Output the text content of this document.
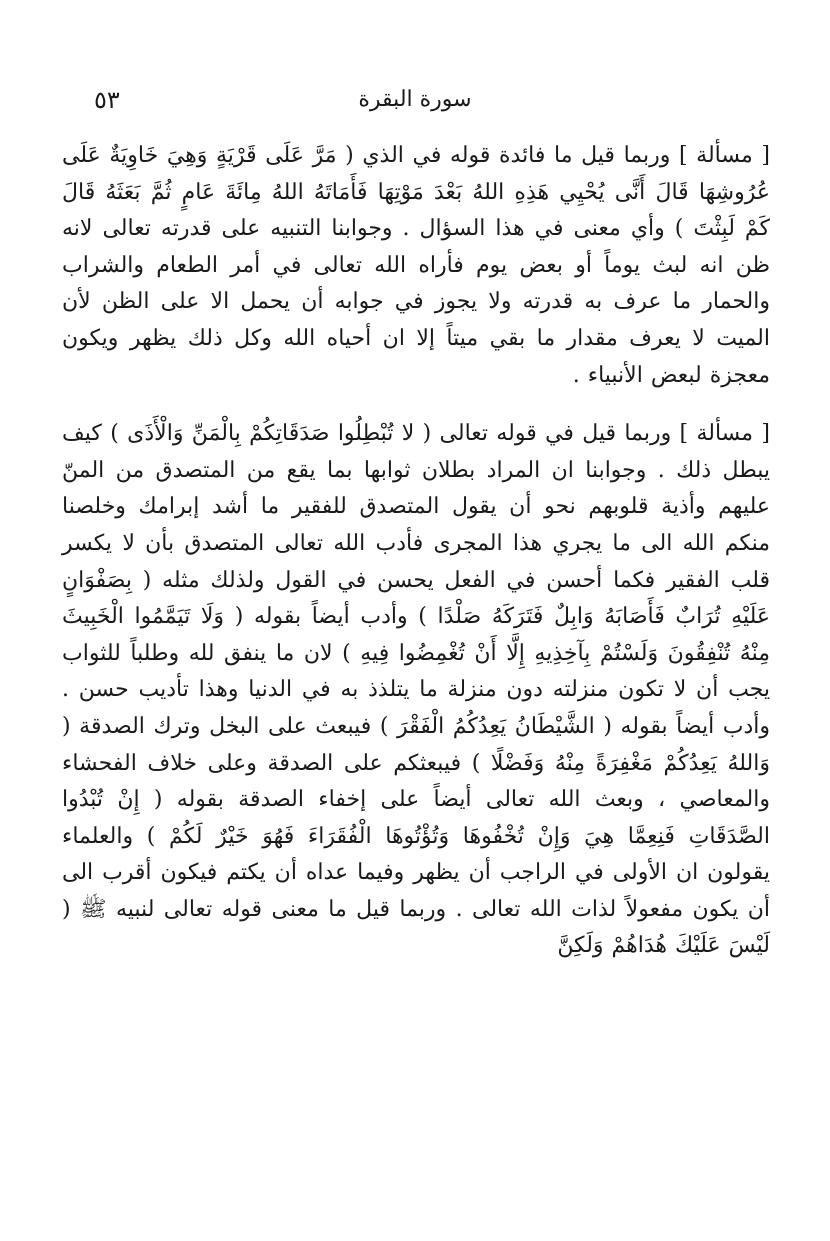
٥٣	سورة البقرة

[ مسألة ] وربما قيل ما فائدة قوله في الذي ( مَرَّ عَلَى قَرْيَةٍ وَهِيَ خَاوِيَةٌ عَلَى عُرُوشِهَا قَالَ أَنَّى يُحْيِي هَذِهِ اللهُ بَعْدَ مَوْتِهَا فَأَمَاتَهُ اللهُ مِائَةَ عَامٍ ثُمَّ بَعَثَهُ قَالَ كَمْ لَبِثْتَ ) وأي معنى في هذا السؤال . وجوابنا التنبيه على قدرته تعالى لانه ظن انه لبث يوماً أو بعض يوم فأراه الله تعالى في أمر الطعام والشراب والحمار ما عرف به قدرته ولا يجوز في جوابه أن يحمل الا على الظن لأن الميت لا يعرف مقدار ما بقي ميتاً إلا ان أحياه الله وكل ذلك يظهر ويكون معجزة لبعض الأنبياء .

[ مسألة ] وربما قيل في قوله تعالى ( لا تُبْطِلُوا صَدَقَاتِكُمْ بِالْمَنِّ وَالْأَذَى ) كيف يبطل ذلك . وجوابنا ان المراد بطلان ثوابها بما يقع من المتصدق من المنّ عليهم وأذية قلوبهم نحو أن يقول المتصدق للفقير ما أشد إبرامك وخلصنا منكم الله الى ما يجري هذا المجرى فأدب الله تعالى المتصدق بأن لا يكسر قلب الفقير فكما أحسن في الفعل يحسن في القول ولذلك مثله ( بِصَفْوَانٍ عَلَيْهِ تُرَابٌ فَأَصَابَهُ وَابِلٌ فَتَرَكَهُ صَلْدًا ) وأدب أيضاً بقوله ( وَلَا تَيَمَّمُوا الْخَبِيثَ مِنْهُ تُنْفِقُونَ وَلَسْتُمْ بِآخِذِيهِ إِلَّا أَنْ تُغْمِضُوا فِيهِ ) لان ما ينفق لله وطلباً للثواب يجب أن لا تكون منزلته دون منزلة ما يتلذذ به في الدنيا وهذا تأديب حسن . وأدب أيضاً بقوله ( الشَّيْطَانُ يَعِدُكُمُ الْفَقْرَ ) فيبعث على البخل وترك الصدقة ( وَاللهُ يَعِدُكُمْ مَغْفِرَةً مِنْهُ وَفَضْلًا ) فيبعثكم على الصدقة وعلى خلاف الفحشاء والمعاصي ، وبعث الله تعالى أيضاً على إخفاء الصدقة بقوله ( إِنْ تُبْدُوا الصَّدَقَاتِ فَنِعِمَّا هِيَ وَإِنْ تُخْفُوهَا وَتُؤْتُوهَا الْفُقَرَاءَ فَهُوَ خَيْرٌ لَكُمْ ) والعلماء يقولون ان الأولى في الراجب أن يظهر وفيما عداه أن يكتم فيكون أقرب الى أن يكون مفعولاً لذات الله تعالى . وربما قيل ما معنى قوله تعالى لنبيه ﷺ ( لَيْسَ عَلَيْكَ هُدَاهُمْ وَلَكِنَّ
